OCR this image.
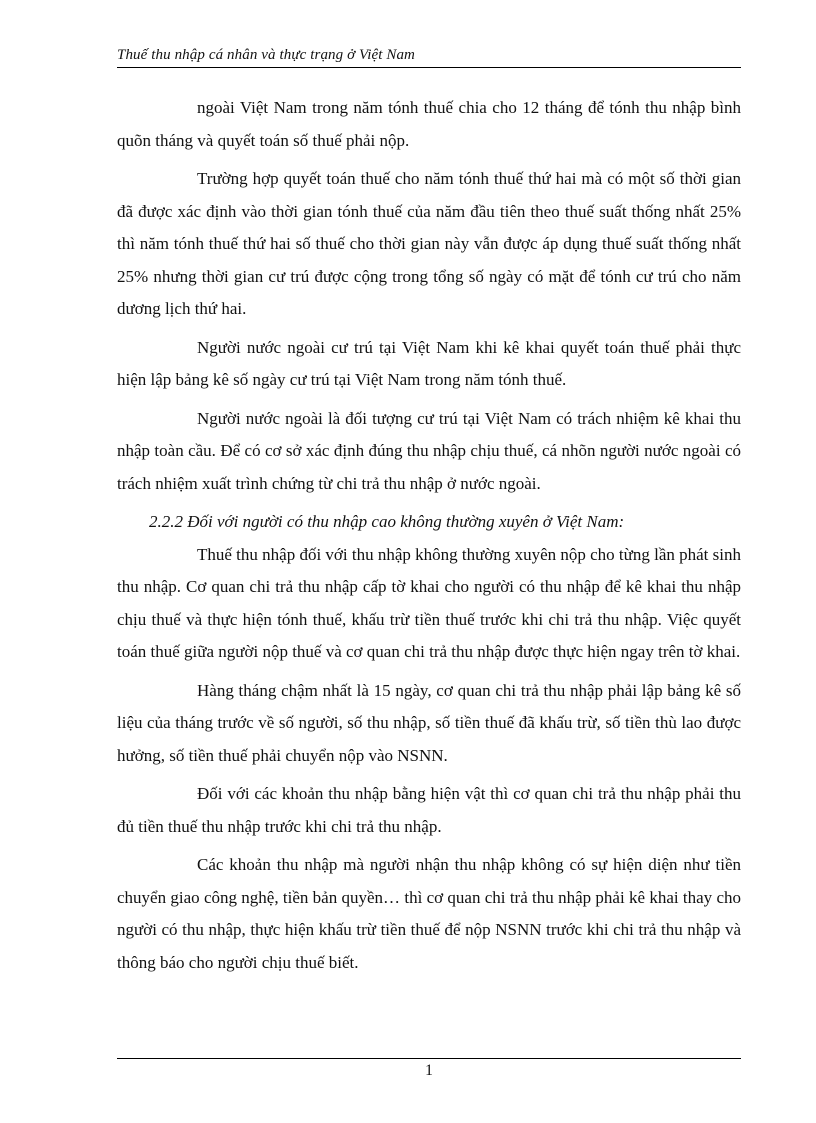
Thuế thu nhập cá nhân và thực trạng ở Việt Nam

ngoài Việt Nam trong năm tónh thuế chia cho 12 tháng để tónh thu nhập bình quõn tháng và quyết toán số thuế phải nộp.

Trường hợp quyết toán thuế cho năm tónh thuế thứ hai mà có một số thời gian đã được xác định vào thời gian tónh thuế của năm đầu tiên theo thuế suất thống nhất 25% thì năm tónh thuế thứ hai số thuế cho thời gian này vẫn được áp dụng thuế suất thống nhất 25% nhưng thời gian cư trú được cộng trong tổng số ngày có mặt để tónh cư trú cho năm dương lịch thứ hai.

Người nước ngoài cư trú tại Việt Nam khi kê khai quyết toán thuế phải thực hiện lập bảng kê số ngày cư trú tại Việt Nam trong năm tónh thuế.

Người nước ngoài là đối tượng cư trú tại Việt Nam có trách nhiệm kê khai thu nhập toàn cầu. Để có cơ sở xác định đúng thu nhập chịu thuế, cá nhõn người nước ngoài có trách nhiệm xuất trình chứng từ chi trả thu nhập ở nước ngoài.

2.2.2 Đối với người có thu nhập cao không thường xuyên ở Việt Nam:

Thuế thu nhập đối với thu nhập không thường xuyên nộp cho từng lần phát sinh thu nhập. Cơ quan chi trả thu nhập cấp tờ khai cho người có thu nhập để kê khai thu nhập chịu thuế và thực hiện tónh thuế, khấu trừ tiền thuế trước khi chi trả thu nhập. Việc quyết toán thuế giữa người nộp thuế và cơ quan chi trả thu nhập được thực hiện ngay trên tờ khai.

Hàng tháng chậm nhất là 15 ngày, cơ quan chi trả thu nhập phải lập bảng kê số liệu của tháng trước về số người, số thu nhập, số tiền thuế đã khấu trừ, số tiền thù lao được hưởng, số tiền thuế phải chuyển nộp vào NSNN.

Đối với các khoản thu nhập bằng hiện vật thì cơ quan chi trả thu nhập phải thu đủ tiền thuế thu nhập trước khi chi trả thu nhập.

Các khoản thu nhập mà người nhận thu nhập không có sự hiện diện như tiền chuyển giao công nghệ, tiền bản quyền… thì cơ quan chi trả thu nhập phải kê khai thay cho người có thu nhập, thực hiện khấu trừ tiền thuế để nộp NSNN trước khi chi trả thu nhập và thông báo cho người chịu thuế biết.

1
